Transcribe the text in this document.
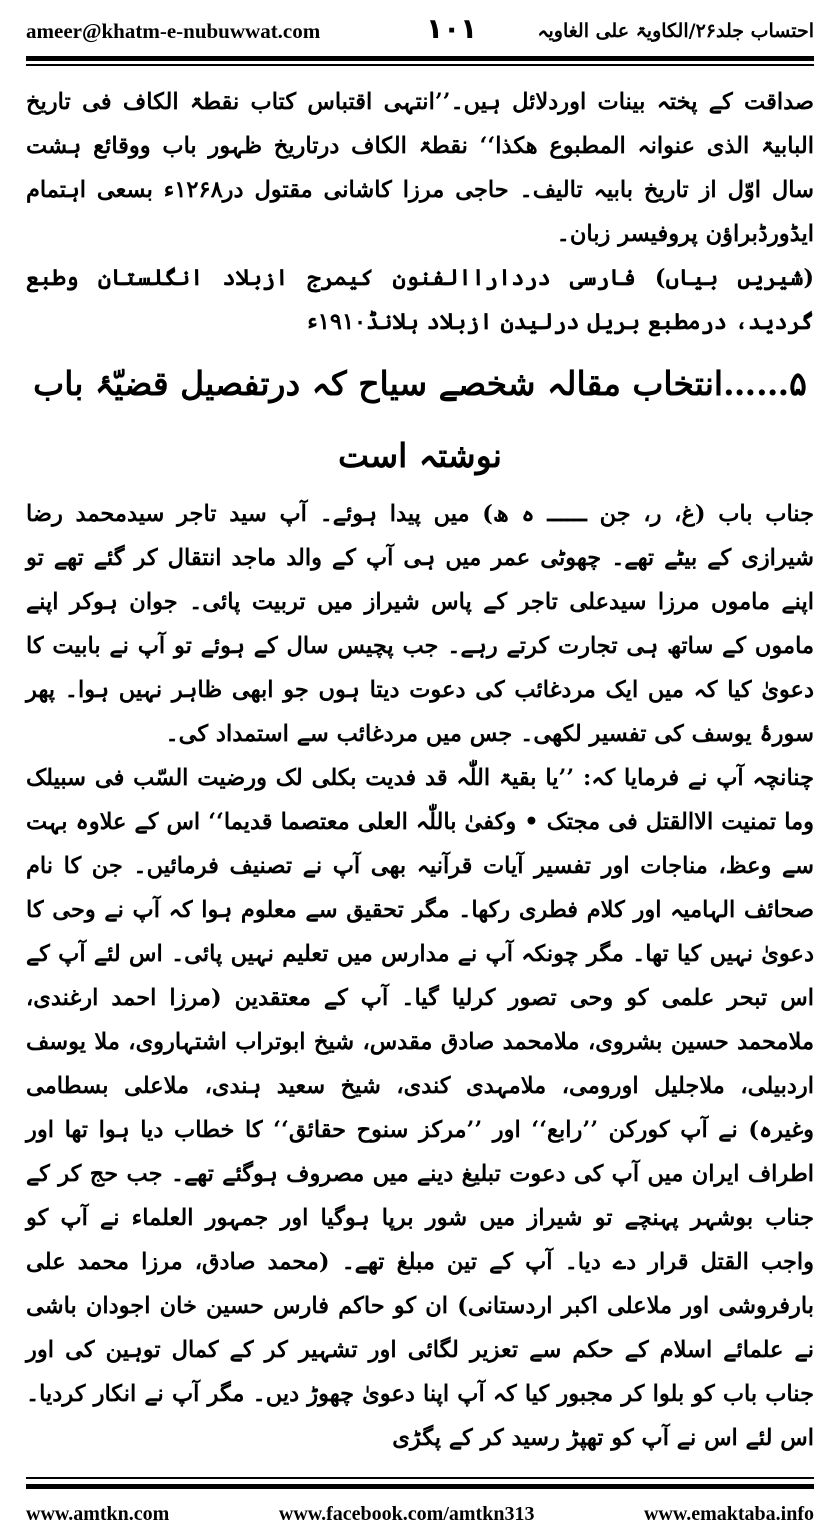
ameer@khatm-e-nubuwwat.com	۱۰۱	احتساب جلد۲۶/الکاویۃ علی الغاویہ

صداقت کے پختہ بینات اوردلائل ہیں۔’’انتہی اقتباس کتاب نقطۃ الکاف فی تاریخ البابیۃ الذی عنوانہ المطبوع ھکذا‘‘ نقطۃ الکاف درتاریخ ظہور باب ووقائع ہشت سال اوّل از تاریخ بابیہ تالیف۔ حاجی مرزا کاشانی مقتول در۱۲۶۸ء بسعی اہتمام ایڈورڈبراؤن پروفیسر زبان۔

(شیریں بیاں) فارسی درداراالفنون کیمرج ازبلاد انگلستان وطبع گردید، درمطبع بریل درلیدن ازبلاد ہلانڈ۱۹۱۰ء

۵……انتخاب مقالہ شخصے سیاح کہ درتفصیل قضیّۂ باب نوشتہ است

جناب باب (غ، ر، جن ــــــ ہ ھ) میں پیدا ہوئے۔ آپ سید تاجر سیدمحمد رضا شیرازی کے بیٹے تھے۔ چھوٹی عمر میں ہی آپ کے والد ماجد انتقال کر گئے تھے تو اپنے ماموں مرزا سیدعلی تاجر کے پاس شیراز میں تربیت پائی۔ جوان ہوکر اپنے ماموں کے ساتھ ہی تجارت کرتے رہے۔ جب پچیس سال کے ہوئے تو آپ نے بابیت کا دعویٰ کیا کہ میں ایک مردغائب کی دعوت دیتا ہوں جو ابھی ظاہر نہیں ہوا۔ پھر سورۂ یوسف کی تفسیر لکھی۔ جس میں مردغائب سے استمداد کی۔

چنانچہ آپ نے فرمایا کہ: ’’یا بقیۃ اللّٰہ قد فدیت بکلی لک ورضیت السّب فی سبیلک وما تمنیت الاالقتل فی مجتک • وکفیٰ باللّٰہ العلی معتصما قدیما‘‘ اس کے علاوہ بہت سے وعظ، مناجات اور تفسیر آیات قرآنیہ بھی آپ نے تصنیف فرمائیں۔ جن کا نام صحائف الہامیہ اور کلام فطری رکھا۔ مگر تحقیق سے معلوم ہوا کہ آپ نے وحی کا دعویٰ نہیں کیا تھا۔ مگر چونکہ آپ نے مدارس میں تعلیم نہیں پائی۔ اس لئے آپ کے اس تبحر علمی کو وحی تصور کرلیا گیا۔ آپ کے معتقدین (مرزا احمد ارغندی، ملامحمد حسین بشروی، ملامحمد صادق مقدس، شیخ ابوتراب اشتہاروی، ملا یوسف اردبیلی، ملاجلیل اورومی، ملامہدی کندی، شیخ سعید ہندی، ملاعلی بسطامی وغیرہ) نے آپ کورکن ’’رابع‘‘ اور ’’مرکز سنوح حقائق‘‘ کا خطاب دیا ہوا تھا اور اطراف ایران میں آپ کی دعوت تبلیغ دینے میں مصروف ہوگئے تھے۔ جب حج کر کے جناب بوشہر پہنچے تو شیراز میں شور برپا ہوگیا اور جمہور العلماء نے آپ کو واجب القتل قرار دے دیا۔ آپ کے تین مبلغ تھے۔ (محمد صادق، مرزا محمد علی بارفروشی اور ملاعلی اکبر اردستانی) ان کو حاکم فارس حسین خان اجودان باشی نے علمائے اسلام کے حکم سے تعزیر لگائی اور تشہیر کر کے کمال توہین کی اور جناب باب کو بلوا کر مجبور کیا کہ آپ اپنا دعویٰ چھوڑ دیں۔ مگر آپ نے انکار کردیا۔ اس لئے اس نے آپ کو تھپڑ رسید کر کے پگڑی

www.amtkn.com	www.facebook.com/amtkn313	www.emaktaba.info
